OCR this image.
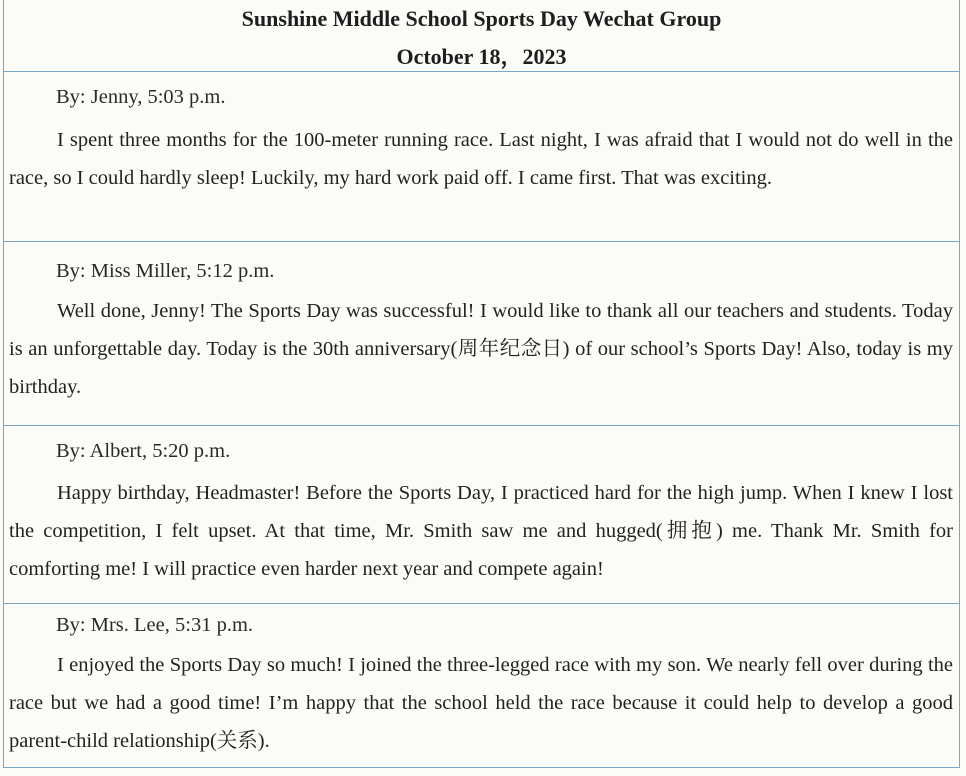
Sunshine Middle School Sports Day Wechat Group
October 18，2023
By: Jenny, 5:03 p.m.
I spent three months for the 100-meter running race. Last night, I was afraid that I would not do well in the race, so I could hardly sleep! Luckily, my hard work paid off. I came first. That was exciting.
By: Miss Miller, 5:12 p.m.
Well done, Jenny! The Sports Day was successful! I would like to thank all our teachers and students. Today is an unforgettable day. Today is the 30th anniversary(周年纪念日) of our school’s Sports Day! Also, today is my birthday.
By: Albert, 5:20 p.m.
Happy birthday, Headmaster! Before the Sports Day, I practiced hard for the high jump. When I knew I lost the competition, I felt upset. At that time, Mr. Smith saw me and hugged(拥抱) me. Thank Mr. Smith for comforting me! I will practice even harder next year and compete again!
By: Mrs. Lee, 5:31 p.m.
I enjoyed the Sports Day so much! I joined the three-legged race with my son. We nearly fell over during the race but we had a good time! I’m happy that the school held the race because it could help to develop a good parent-child relationship(关系).
